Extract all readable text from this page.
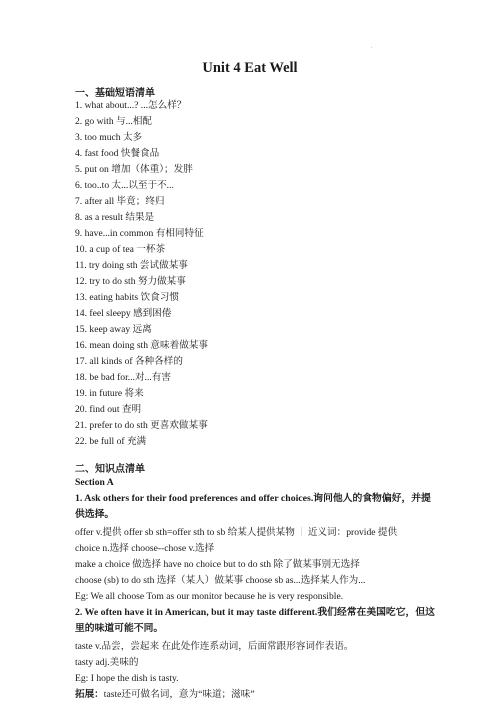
.
Unit 4 Eat Well
一、基础短语清单
1. what about...? ...怎么样？
2. go with 与...相配
3. too much 太多
4. fast food 快餐食品
5. put on 增加（体重）；发胖
6. too..to 太...以至于不...
7. after all 毕竟；终归
8. as a result 结果是
9. have...in common 有相同特征
10. a cup of tea 一杯茶
11. try doing sth 尝试做某事
12. try to do sth 努力做某事
13. eating habits 饮食习惯
14. feel sleepy 感到困倦
15. keep away 远离
16. mean doing sth 意味着做某事
17. all kinds of 各种各样的
18. be bad for...对...有害
19. in future 将来
20. find out 查明
21. prefer to do sth 更喜欢做某事
22. be full of 充满
二、知识点清单
Section A
1. Ask others for their food preferences and offer choices.询问他人的食物偏好，并提供选择。
offer v.提供 offer sb sth=offer sth to sb 给某人提供某物 近义词：provide 提供
choice n.选择 choose--chose v.选择
make a choice 做选择 have no choice but to do sth 除了做某事别无选择
choose (sb) to do sth 选择（某人）做某事 choose sb as...选择某人作为...
Eg: We all choose Tom as our monitor because he is very responsible.
2. We often have it in American, but it may taste different.我们经常在美国吃它，但这里的味道可能不同。
taste v.品尝，尝起来 在此处作连系动词，后面常跟形容词作表语。
tasty adj.美味的
Eg: I hope the dish is tasty.
拓展：taste还可做名词，意为“味道；滋味”
